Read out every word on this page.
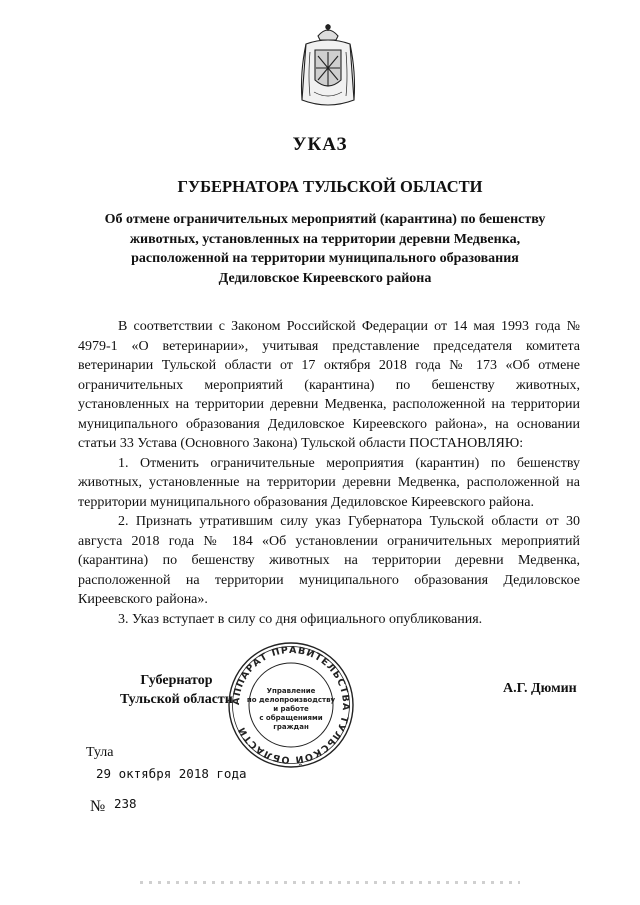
УКАЗ
ГУБЕРНАТОРА ТУЛЬСКОЙ ОБЛАСТИ
Об отмене ограничительных мероприятий (карантина) по бешенству
животных, установленных на территории деревни Медвенка,
расположенной на территории муниципального образования
Дедиловское Киреевского района

В соответствии с Законом Российской Федерации от 14 мая 1993 года № 4979-1 «О ветеринарии», учитывая представление председателя комитета ветеринарии Тульской области от 17 октября 2018 года № 173 «Об отмене ограничительных мероприятий (карантина) по бешенству животных, установленных на территории деревни Медвенка, расположенной на территории муниципального образования Дедиловское Киреевского района», на основании статьи 33 Устава (Основного Закона) Тульской области ПОСТАНОВЛЯЮ:

1. Отменить ограничительные мероприятия (карантин) по бешенству животных, установленные на территории деревни Медвенка, расположенной на территории муниципального образования Дедиловское Киреевского района.

2. Признать утратившим силу указ Губернатора Тульской области от 30 августа 2018 года № 184 «Об установлении ограничительных мероприятий (карантина) по бешенству животных на территории деревни Медвенка, расположенной на территории муниципального образования Дедиловское Киреевского района».

3. Указ вступает в силу со дня официального опубликования.

Губернатор
Тульской области
АППАРАТ ПРАВИТЕЛЬСТВА ТУЛЬСКОЙ ОБЛАСТИ
Управление
по делопроизводству
и работе
с обращениями
граждан
А.Г. Дюмин
Тула
29 октября 2018 года
№ 238
